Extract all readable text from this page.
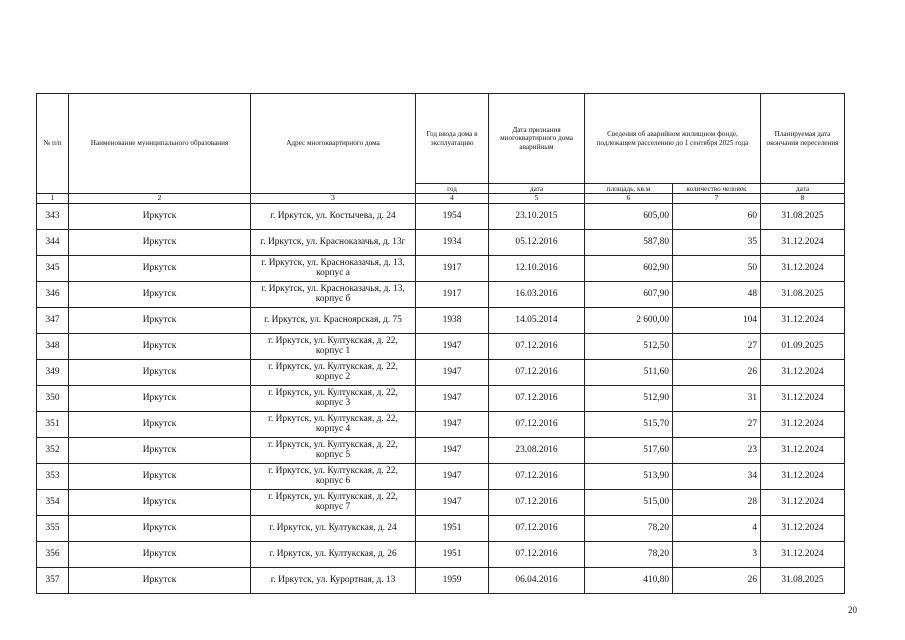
№ п/п	Наименование муниципального образования	Адрес многоквартирного дома	Год ввода дома в эксплуатацию	Дата признания многоквартирного дома аварийным	Сведения об аварийном жилищном фонде, подлежащем расселению до 1 сентября 2025 года		Планируемая дата окончания переселения
			год	дата	площадь, кв.м	количество человек	дата
1	2	3	4	5	6	7	8
343	Иркутск	г. Иркутск, ул. Костычева, д. 24	1954	23.10.2015	605,00	60	31.08.2025
344	Иркутск	г. Иркутск, ул. Красноказачья, д. 13г	1934	05.12.2016	587,80	35	31.12.2024
345	Иркутск	г. Иркутск, ул. Красноказачья, д. 13, корпус а	1917	12.10.2016	602,90	50	31.12.2024
346	Иркутск	г. Иркутск, ул. Красноказачья, д. 13, корпус б	1917	16.03.2016	607,90	48	31.08.2025
347	Иркутск	г. Иркутск, ул. Красноярская, д. 75	1938	14.05.2014	2 600,00	104	31.12.2024
348	Иркутск	г. Иркутск, ул. Култукская, д. 22, корпус 1	1947	07.12.2016	512,50	27	01.09.2025
349	Иркутск	г. Иркутск, ул. Култукская, д. 22, корпус 2	1947	07.12.2016	511,60	26	31.12.2024
350	Иркутск	г. Иркутск, ул. Култукская, д. 22, корпус 3	1947	07.12.2016	512,90	31	31.12.2024
351	Иркутск	г. Иркутск, ул. Култукская, д. 22, корпус 4	1947	07.12.2016	515,70	27	31.12.2024
352	Иркутск	г. Иркутск, ул. Култукская, д. 22, корпус 5	1947	23.08.2016	517,60	23	31.12.2024
353	Иркутск	г. Иркутск, ул. Култукская, д. 22, корпус 6	1947	07.12.2016	513,90	34	31.12.2024
354	Иркутск	г. Иркутск, ул. Култукская, д. 22, корпус 7	1947	07.12.2016	515,00	28	31.12.2024
355	Иркутск	г. Иркутск, ул. Култукская, д. 24	1951	07.12.2016	78,20	4	31.12.2024
356	Иркутск	г. Иркутск, ул. Култукская, д. 26	1951	07.12.2016	78,20	3	31.12.2024
357	Иркутск	г. Иркутск, ул. Курортная, д. 13	1959	06.04.2016	410,80	26	31.08.2025
20
